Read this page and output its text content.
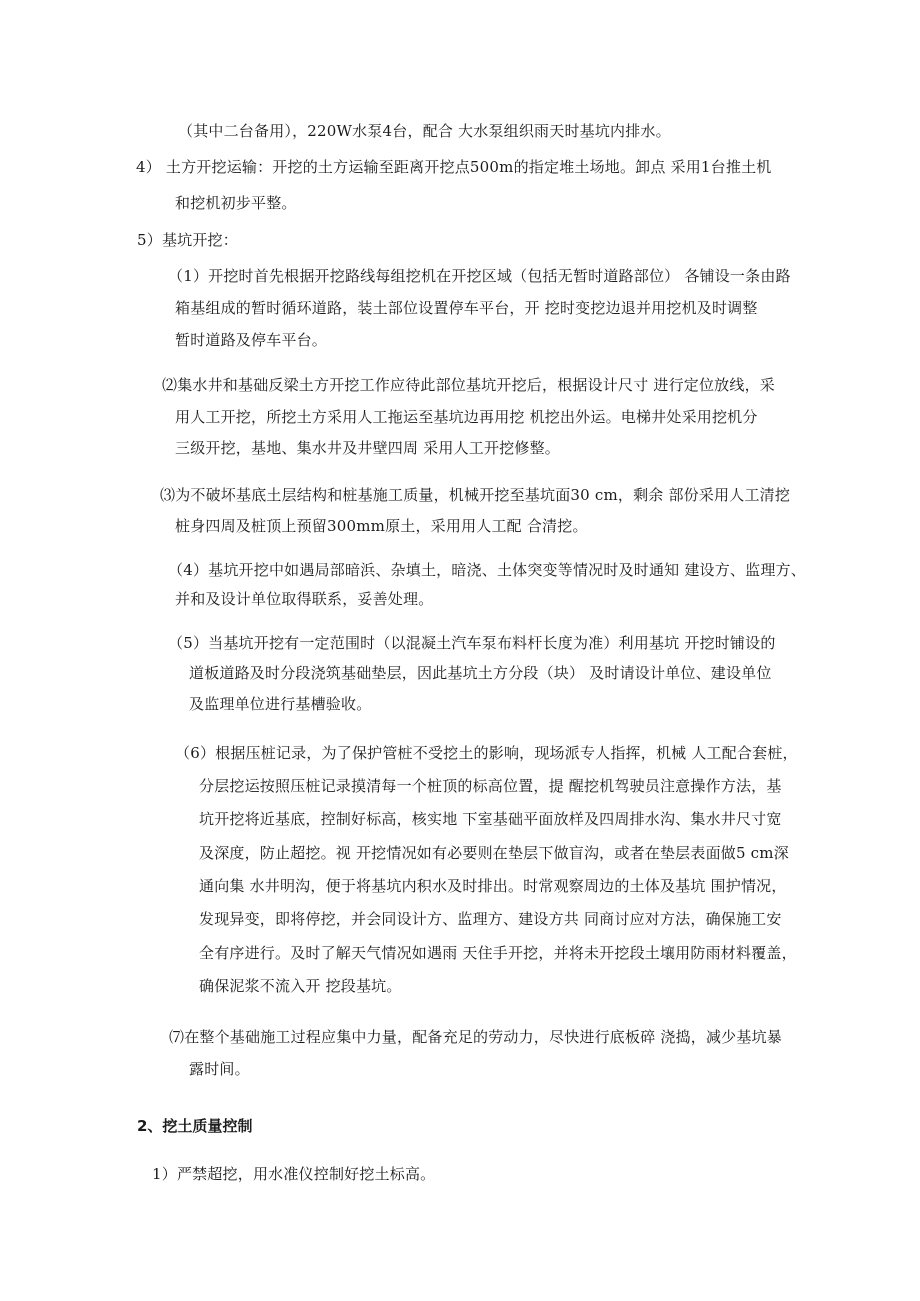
（其中二台备用），220W水泵4台，配合 大水泵组织雨天时基坑内排水。
4） 土方开挖运输：开挖的土方运输至距离开挖点500m的指定堆土场地。卸点 采用1台推土机
和挖机初步平整。
5）基坑开挖：
（1）开挖时首先根据开挖路线每组挖机在开挖区域（包括无暂时道路部位） 各铺设一条由路
箱基组成的暂时循环道路，装土部位设置停车平台，开 挖时变挖边退并用挖机及时调整
暂时道路及停车平台。
⑵集水井和基础反梁土方开挖工作应待此部位基坑开挖后，根据设计尺寸 进行定位放线，采
用人工开挖，所挖土方采用人工拖运至基坑边再用挖 机挖出外运。电梯井处采用挖机分
三级开挖，基地、集水井及井壁四周 采用人工开挖修整。
⑶为不破坏基底土层结构和桩基施工质量，机械开挖至基坑面30 cm，剩余 部份采用人工清挖
桩身四周及桩顶上预留300mm原土，采用用人工配 合清挖。
（4）基坑开挖中如遇局部暗浜、杂填土，暗浇、土体突变等情况时及时通知 建设方、监理方、
并和及设计单位取得联系，妥善处理。
（5）当基坑开挖有一定范围时（以混凝土汽车泵布料杆长度为准）利用基坑 开挖时铺设的
道板道路及时分段浇筑基础垫层，因此基坑土方分段（块） 及时请设计单位、建设单位
及监理单位进行基槽验收。
（6）根据压桩记录，为了保护管桩不受挖土的影响，现场派专人指挥，机械 人工配合套桩，
分层挖运按照压桩记录摸清每一个桩顶的标高位置，提 醒挖机驾驶员注意操作方法，基
坑开挖将近基底，控制好标高，核实地 下室基础平面放样及四周排水沟、集水井尺寸宽
及深度，防止超挖。视 开挖情况如有必要则在垫层下做盲沟，或者在垫层表面做5 cm深
通向集 水井明沟，便于将基坑内积水及时排出。时常观察周边的土体及基坑 围护情况，
发现异变，即将停挖，并会同设计方、监理方、建设方共 同商讨应对方法，确保施工安
全有序进行。及时了解天气情况如遇雨 天住手开挖，并将未开挖段土壤用防雨材料覆盖，
确保泥浆不流入开 挖段基坑。
⑺在整个基础施工过程应集中力量，配备充足的劳动力，尽快进行底板碎 浇捣，减少基坑暴
露时间。
2、挖土质量控制
1）严禁超挖，用水准仪控制好挖土标高。
